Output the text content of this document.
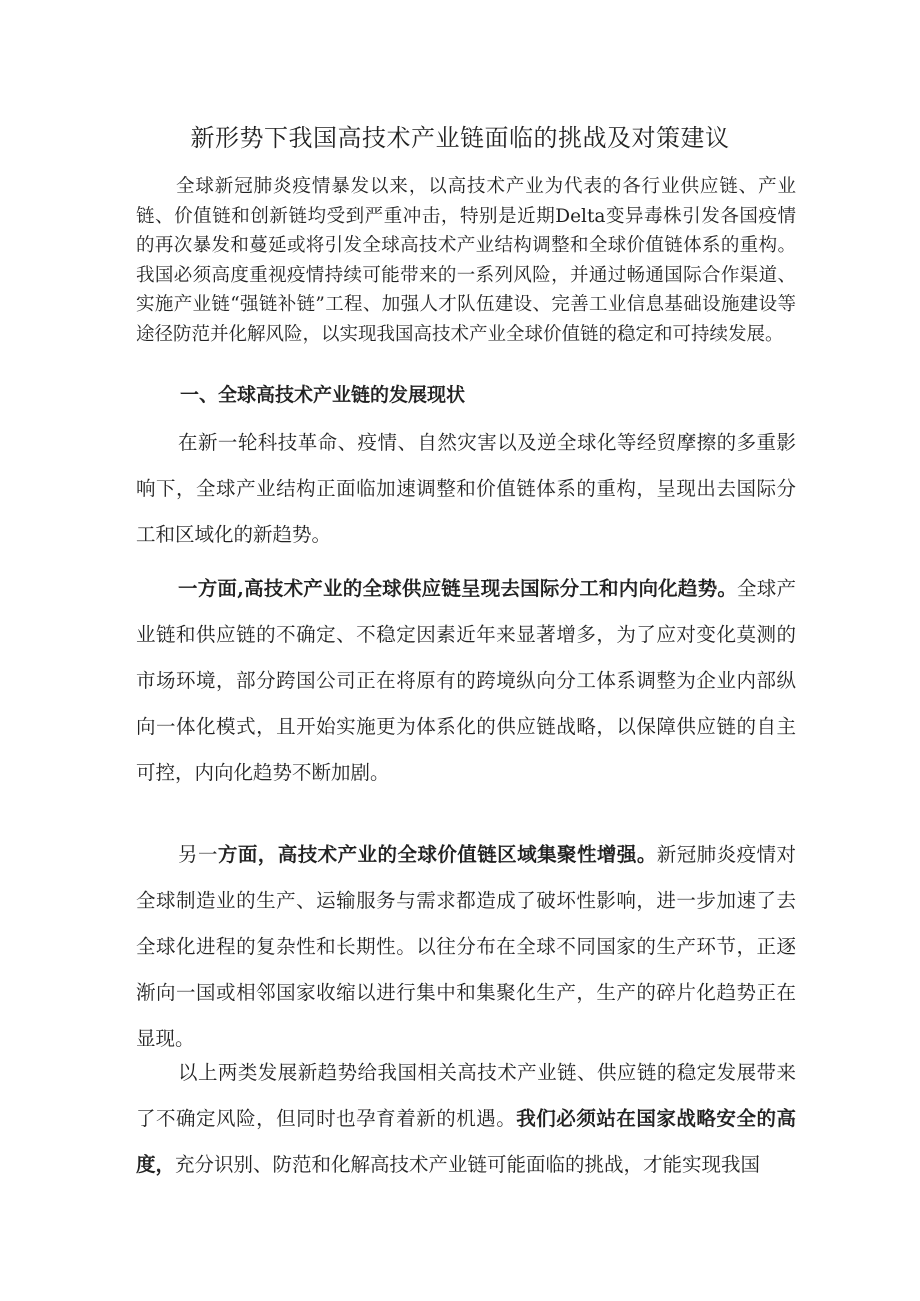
新形势下我国高技术产业链面临的挑战及对策建议

全球新冠肺炎疫情暴发以来，以高技术产业为代表的各行业供应链、产业链、价值链和创新链均受到严重冲击，特别是近期Delta变异毒株引发各国疫情的再次暴发和蔓延或将引发全球高技术产业结构调整和全球价值链体系的重构。我国必须高度重视疫情持续可能带来的一系列风险，并通过畅通国际合作渠道、实施产业链“强链补链”工程、加强人才队伍建设、完善工业信息基础设施建设等途径防范并化解风险，以实现我国高技术产业全球价值链的稳定和可持续发展。

一、全球高技术产业链的发展现状

在新一轮科技革命、疫情、自然灾害以及逆全球化等经贸摩擦的多重影响下，全球产业结构正面临加速调整和价值链体系的重构，呈现出去国际分工和区域化的新趋势。

一方面,高技术产业的全球供应链呈现去国际分工和内向化趋势。全球产业链和供应链的不确定、不稳定因素近年来显著增多，为了应对变化莫测的市场环境，部分跨国公司正在将原有的跨境纵向分工体系调整为企业内部纵向一体化模式，且开始实施更为体系化的供应链战略，以保障供应链的自主可控，内向化趋势不断加剧。

另一方面，高技术产业的全球价值链区域集聚性增强。新冠肺炎疫情对全球制造业的生产、运输服务与需求都造成了破坏性影响，进一步加速了去全球化进程的复杂性和长期性。以往分布在全球不同国家的生产环节，正逐渐向一国或相邻国家收缩以进行集中和集聚化生产，生产的碎片化趋势正在显现。

以上两类发展新趋势给我国相关高技术产业链、供应链的稳定发展带来了不确定风险，但同时也孕育着新的机遇。我们必须站在国家战略安全的高度，充分识别、防范和化解高技术产业链可能面临的挑战，才能实现我国
